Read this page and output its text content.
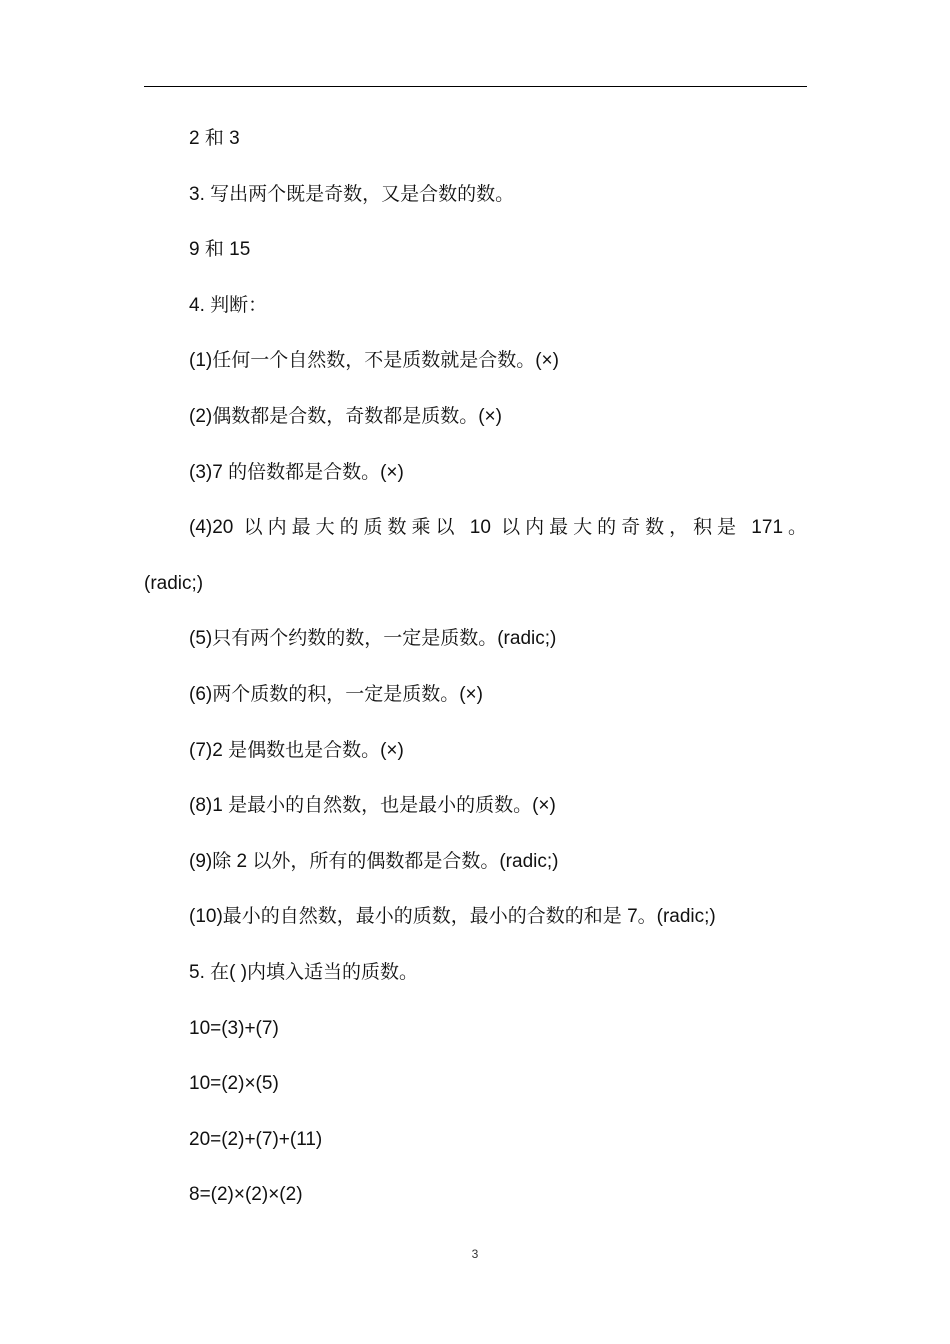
2 和 3
3. 写出两个既是奇数，又是合数的数。
9 和 15
4. 判断：
(1)任何一个自然数，不是质数就是合数。(×)
(2)偶数都是合数，奇数都是质数。(×)
(3)7 的倍数都是合数。(×)
(4)20 以内最大的质数乘以 10 以内最大的奇数，积是 171。
(radic;)
(5)只有两个约数的数，一定是质数。(radic;)
(6)两个质数的积，一定是质数。(×)
(7)2 是偶数也是合数。(×)
(8)1 是最小的自然数，也是最小的质数。(×)
(9)除 2 以外，所有的偶数都是合数。(radic;)
(10)最小的自然数，最小的质数，最小的合数的和是 7。(radic;)
5. 在( )内填入适当的质数。
10=(3)+(7)
10=(2)×(5)
20=(2)+(7)+(11)
8=(2)×(2)×(2)
3
